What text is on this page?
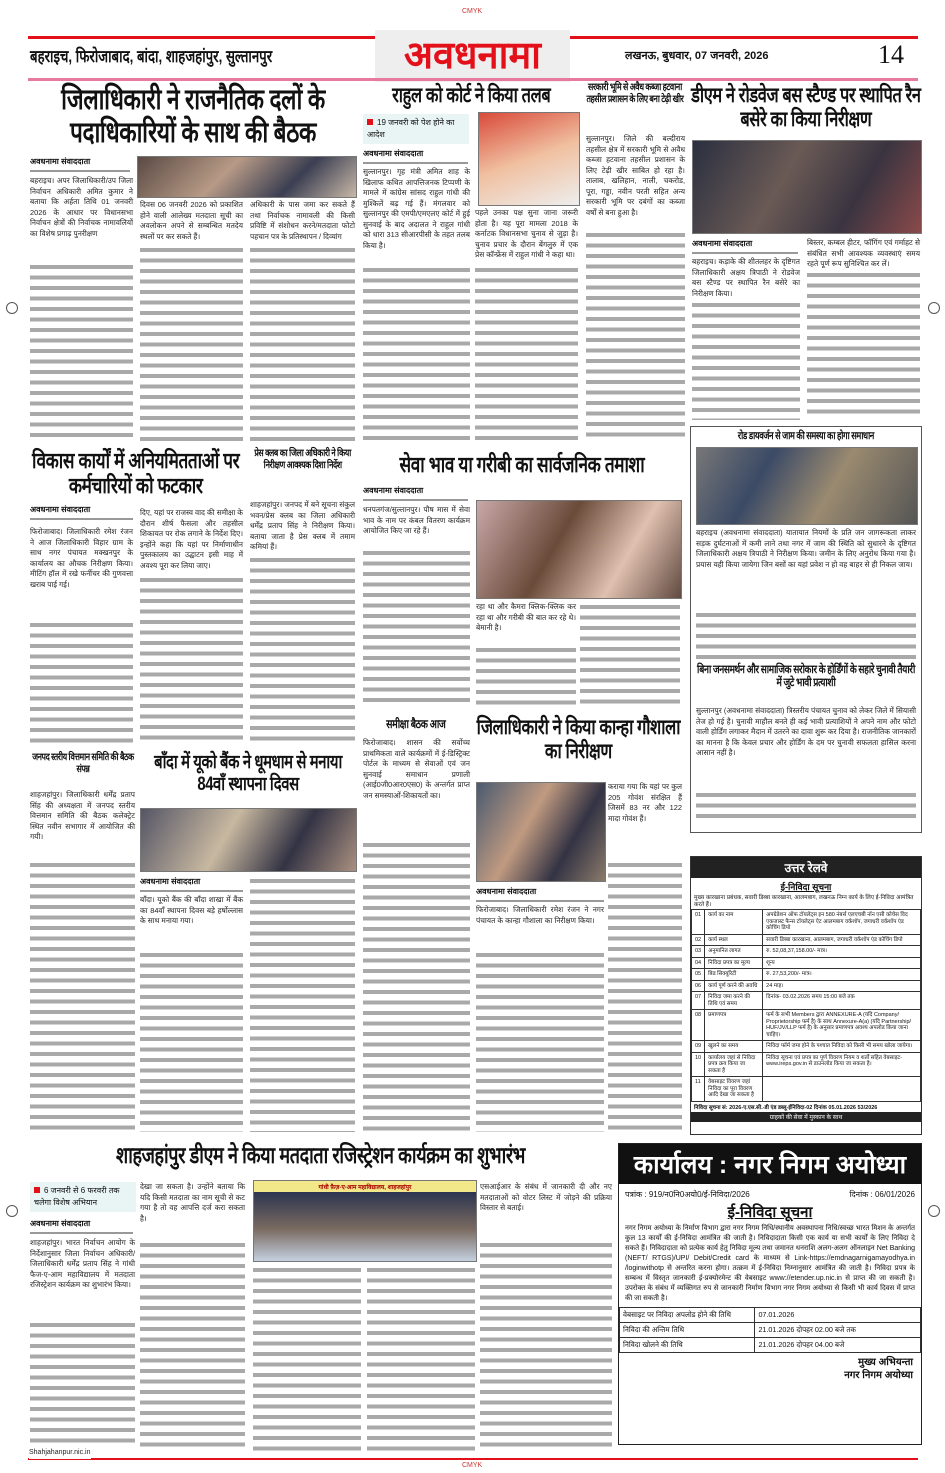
CMYK
बहराइच, फिरोजाबाद, बांदा, शाहजहांपुर, सुल्तानपुर	अवधनामा	लखनऊ, बुधवार, 07 जनवरी, 2026	14
जिलाधिकारी ने राजनैतिक दलों के पदाधिकारियों के साथ की बैठक
अवधनामा संवाददाता
बहराइच। अपर जिलाधिकारी/उप जिला निर्वाचन अधिकारी अमित कुमार ने बताया कि अर्हता तिथि 01 जनवरी 2026 के आधार पर विधानसभा निर्वाचन क्षेत्रों की निर्वाचक नामावलियों का विशेष प्रगाढ़ पुनरीक्षण
दिवस 06 जनवरी 2026 को प्रकाशित होने वाली आलेख्य मतदाता सूची का अवलोकन अपने से सम्बन्धित मतदेय स्थलों पर कर सकते हैं।
अधिकारी के पास जमा कर सकते हैं तथा निर्वाचक नामावली की किसी प्रविष्टि में संशोधन करने/मतदाता फोटो पहचान पत्र के प्रतिस्थापन / दिव्यांग
राहुल को कोर्ट ने किया तलब
19 जनवरी को पेश होने का आदेश
अवधनामा संवाददाता
सुल्तानपुर। गृह मंत्री अमित शाह के खिलाफ कथित आपत्तिजनक टिप्पणी के मामले में कांग्रेस सांसद राहुल गांधी की मुश्किलें बढ़ गई हैं। मंगलवार को सुल्तानपुर की एमपी/एमएलए कोर्ट में हुई सुनवाई के बाद अदालत ने राहुल गांधी को धारा 313 सीआरपीसी के तहत तलब किया है।
पहले उनका पक्ष सुना जाना जरूरी होता है। यह पूरा मामला 2018 के कर्नाटक विधानसभा चुनाव से जुड़ा है। चुनाव प्रचार के दौरान बेंगलुरु में एक प्रेस कॉन्फ्रेंस में राहुल गांधी ने कहा था।
सरकारी भूमि से अवैध कब्जा हटवाना तहसील प्रशासन के लिए बना टेढ़ी खीर
सुल्तानपुर। जिले की बल्दीराय तहसील क्षेत्र में सरकारी भूमि से अवैध कब्जा हटवाना तहसील प्रशासन के लिए टेढ़ी खीर साबित हो रहा है। तालाब, खलिहान, नाली, चकरोड, पूरा, गड्ढा, नवीन परती सहित अन्य सरकारी भूमि पर दबंगों का कब्जा वर्षों से बना हुआ है।
डीएम ने रोडवेज बस स्टैण्ड पर स्थापित रैन बसेरे का किया निरीक्षण
अवधनामा संवाददाता
बहराइच। कड़ाके की शीतलहर के दृष्टिगत जिलाधिकारी अक्षय त्रिपाठी ने रोडवेज बस स्टैण्ड पर स्थापित रैन बसेरे का निरीक्षण किया।
बिस्तर, कम्बल हीटर, फॉगिंग एवं गर्माहट से संबंधित सभी आवश्यक व्यवस्थाएं समय रहते पूर्ण रूप सुनिश्चित कर लें।
रोड डायवर्जन से जाम की समस्या का होगा समाधान
बहराइच (अवधनामा संवाददाता) यातायात नियमों के प्रति जन जागरूकता लाकर सड़क दुर्घटनाओं में कमी लाने तथा नगर में जाम की स्थिति को सुधारने के दृष्टिगत जिलाधिकारी अक्षय त्रिपाठी ने निरीक्षण किया। जमीन के लिए अनुरोध किया गया है। प्रयास यही किया जायेगा जिन बसों का यहां प्रवेश न हो वह बाहर से ही निकल जाय।
बिना जनसमर्थन और सामाजिक सरोकार के होर्डिंगों के सहारे चुनावी तैयारी में जुटे भावी प्रत्याशी
सुल्तानपुर (अवधनामा संवाददाता) त्रिस्तरीय पंचायत चुनाव को लेकर जिले में सियासी तेज हो गई है। चुनावी माहौल बनते ही कई भावी प्रत्याशियों ने अपने नाम और फोटो वाली होर्डिंग लगाकर मैदान में उतरने का दावा शुरू कर दिया है। राजनीतिक जानकारों का मानना है कि केवल प्रचार और होर्डिंग के दम पर चुनावी सफलता हासिल करना आसान नहीं है।
विकास कार्यों में अनियमितताओं पर कर्मचारियों को फटकार
अवधनामा संवाददाता
फिरोजाबाद। जिलाधिकारी रमेश रंजन ने आज जिलाधिकारी विहार ग्राम के साथ नगर पंचायत मक्खनपुर के कार्यालय का औचक निरीक्षण किया। मीटिंग हॉल में रखे फर्नीचर की गुणवत्ता खराब पाई गई।
दिए, यहां पर राजस्व वाद की समीक्षा के दौरान शीर्ष फैसला और तहसील शिकायत पर रोक लगाने के निर्देश दिए। इन्होंने कहा कि यहां पर निर्माणाधीन पुस्तकालय का उद्घाटन इसी माह में अवश्य पूरा कर लिया जाए।
प्रेस क्लब का जिला अधिकारी ने किया निरीक्षण आवश्यक दिशा निर्देश
शाहजहांपुर। जनपद में बने सूचना संकुल भवन/प्रेस क्लब का जिला अधिकारी धर्मेंद्र प्रताप सिंह ने निरीक्षण किया। बताया जाता है प्रेस क्लब में तमाम कमियां हैं।
सेवा भाव या गरीबी का सार्वजनिक तमाशा
अवधनामा संवाददाता
धनपतगंज/सुल्तानपुर। पौष मास में सेवा भाव के नाम पर कंबल वितरण कार्यक्रम आयोजित किए जा रहे हैं।
रहा था और कैमरा क्लिक-क्लिक कर रहा था और गरीबी की बात कर रहे थे। बेमानी है।
जनपद स्तरीय वित्तमान समिति की बैठक संपन्न
शाहजहांपुर। जिलाधिकारी धर्मेंद्र प्रताप सिंह की अध्यक्षता में जनपद स्तरीय वित्तमान समिति की बैठक कलेक्ट्रेट स्थित नवीन सभागार में आयोजित की गयी।
बाँदा में यूको बैंक ने धूमधाम से मनाया 84वाँ स्थापना दिवस
अवधनामा संवाददाता
बाँदा। यूको बैंक की बाँदा शाखा में बैंक का 84वाँ स्थापना दिवस बड़े हर्षोल्लास के साथ मनाया गया।
समीक्षा बैठक आज
फिरोजाबाद। शासन की सर्वोच्च प्राथमिकता वाले कार्यक्रमों में ई-डिस्ट्रिक्ट पोर्टल के माध्यम से सेवाओं एवं जन सुनवाई समाधान प्रणाली (आई0जी0आर0एस0) के अन्तर्गत प्राप्त जन समस्याओं-शिकायतों का।
जिलाधिकारी ने किया कान्हा गौशाला का निरीक्षण
कराया गया कि यहां पर कुल 205 गोवंश संरक्षित हैं जिसमें 83 नर और 122 मादा गोवंश हैं।
अवधनामा संवाददाता
फिरोजाबाद। जिलाधिकारी रमेश रंजन ने नगर पंचायत के कान्हा गौशाला का निरीक्षण किया।
उत्तर रेलवे
ई-निविदा सूचना
मुख्य कारखाना प्रबंधक, सवारी डिब्बा कारखाना, आलमबाग, लखनऊ निम्न कार्य के लिए ई-निविदा आमंत्रित करते हैं।
01	कार्य का नाम	अपग्रेडेशन ऑफ टॉयलेट्स इन 580 नंबर्स एलएचबी नॉन एसी कोचेस विद एकजास्ट फैन्स टॉयलेट्स ऐट आलमबाग वर्कशॉप, जगाधरी वर्कशॉप एंड कोचिंग डिपो
02	कार्य स्थल	सवारी डिब्बा कारखाना, आलमबाग, जगाधरी वर्कशॉप एंड कोचिंग डिपो
03	अनुमानित लागत	रु. 52,08,37,158.00/- मात्र।
04	निविदा प्रपत्र का मूल्य	शून्य
05	बिड सिक्यूरिटी	रु. 27,53,200/- मात्र।
06	कार्य पूर्ण करने की अवधि	24 माह।
07	निविदा जमा करने की तिथि एवं समय	दिनांक- 03.02.2026 समय 15:00 बजे तक
08	प्रमाणपत्र	फर्म के सभी Members द्वारा ANNEXURE-A (यदि Company/ Proprietorship फर्म है) के साथ Annexure-A(a) (यदि Partnership/ HUF/JV/LLP फर्म है) के अनुसार प्रमाणपत्र अवश्य अपलोड किया जाना चाहिए।
09	खुलने का समय	निविदा फॉर्म जमा होने के पश्चात निविदा को किसी भी समय खोला जायेगा।
10	कार्यालय जहां से निविदा प्रपत्र क्रय किया जा सकता है	निविदा सूचना एवं प्रपत्र का पूर्ण विवरण नियम व शर्तों सहित वेबसाइट- www.ireps.gov.in से डाउनलोड किया जा सकता है।
11	वेबसाइट विवरण जहां निविदा का पूरा विवरण आदि देखा जा सकता है	
निविदा सूचना सं: 2026-ए.एस.सी.-डी एंड डब्लू-ईनिविदा-02 दिनांक 05.01.2026 53/2026
ग्राहकों की सेवा में मुस्कान के साथ
शाहजहांपुर डीएम ने किया मतदाता रजिस्ट्रेशन कार्यक्रम का शुभारंभ
6 जनवरी से 6 फरवरी तक चलेगा विशेष अभियान
अवधनामा संवाददाता
शाहजहांपुर। भारत निर्वाचन आयोग के निर्देशानुसार जिला निर्वाचन अधिकारी/जिलाधिकारी धर्मेंद्र प्रताप सिंह ने गांधी फैज-ए-आम महाविद्यालय में मतदाता रजिस्ट्रेशन कार्यक्रम का शुभारंभ किया।
Shahjahanpur.nic.in
देखा जा सकता है। उन्होंने बताया कि यदि किसी मतदाता का नाम सूची से कट गया है तो वह आपत्ति दर्ज करा सकता है।
गांधी फ़ैज़-ए-आम महाविद्यालय, शाहजहांपुर	एसआईआर के संबंध में जानकारी दी और नए मतदाताओं को वोटर लिस्ट में जोड़ने की प्रक्रिया विस्तार से बताई।
कार्यालय : नगर निगम अयोध्या
पत्रांक : 919/न0नि0अयो0/ई-निविदा/2026	दिनांक : 06/01/2026
ई-निविदा सूचना
नगर निगम अयोध्या के निर्माण विभाग द्वारा नगर निगम निधि/स्थानीय अवस्थापना निधि/स्वच्छ भारत मिशन के अन्तर्गत कुल 13 कार्यों की ई-निविदा आमंत्रित की जाती है। निविदादाता किसी एक कार्य या सभी कार्यों के लिए निविदा दे सकते हैं। निविदादाता को प्रत्येक कार्य हेतु निविदा मूल्य तथा जमानत धनराशि अलग-अलग ऑनलाइन Net Banking (NEFT/ RTGS)/UPI/ Debit/Credit card के माध्यम से Link-https://emdnagarnigamayodhya.in /loginwithotp से अन्तरित करना होगा। तत्क्रम में ई-निविदा निम्नानुसार आमंत्रित की जाती है। निविदा प्रपत्र के सम्बन्ध में विस्तृत जानकारी ई-प्रक्योरमेन्ट की वेबसाइट www://etender.up.nic.in से प्राप्त की जा सकती है। उपरोक्त के संबंध में व्यक्तिगत रुप से जानकारी निर्माण विभाग नगर निगम अयोध्या से किसी भी कार्य दिवस में प्राप्त की जा सकती है।
वेबसाइट पर निविदा अपलोड होने की तिथि	07.01.2026
निविदा की अन्तिम तिथि	21.01.2026 दोपहर 02.00 बजे तक
निविदा खोलने की तिथि	21.01.2026 दोपहर 04.00 बजे
मुख्य अभियन्ता
नगर निगम अयोध्या
CMYK
